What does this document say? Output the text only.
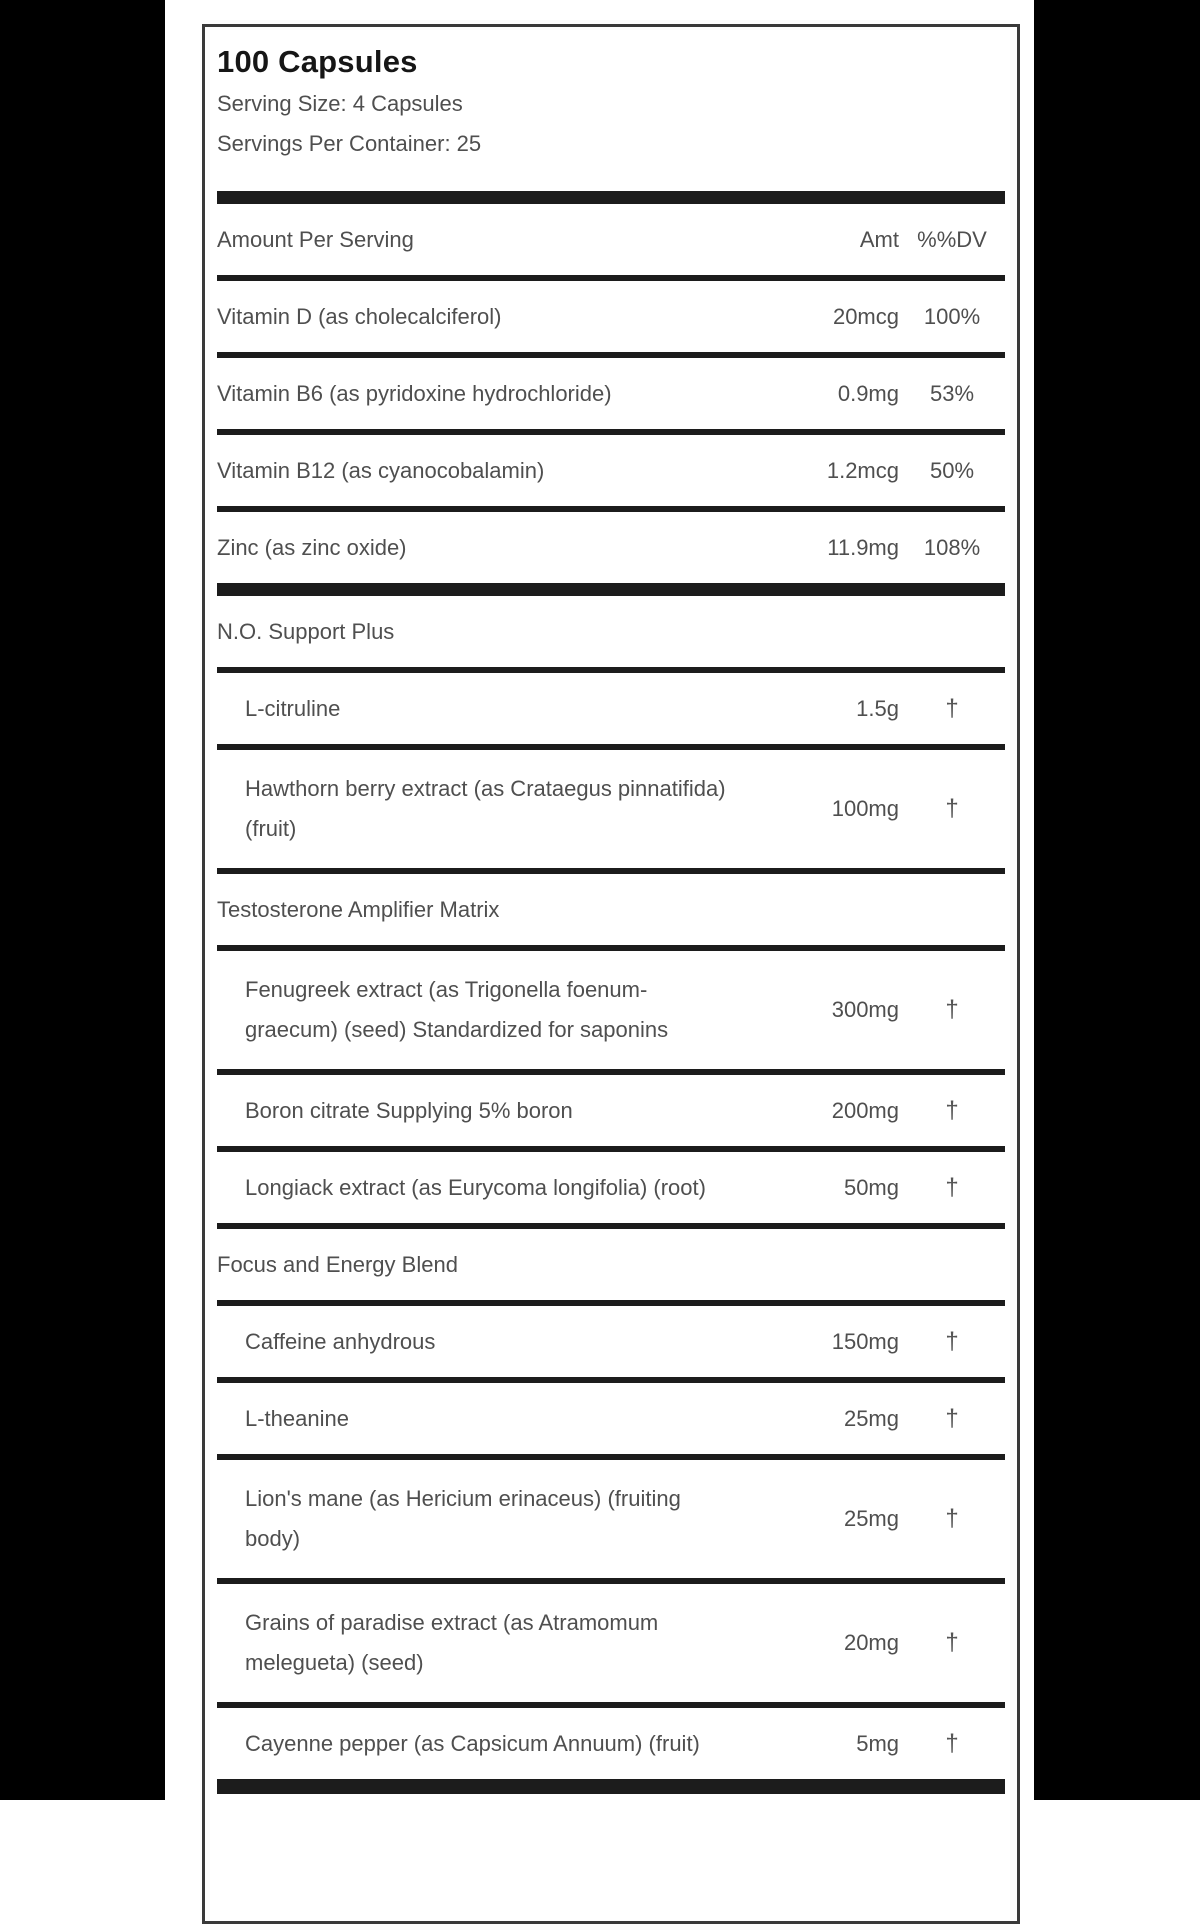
100 Capsules
Serving Size: 4 Capsules
Servings Per Container: 25
Amount Per Serving	Amt %%DV
Vitamin D (as cholecalciferol)	20mcg	100%
Vitamin B6 (as pyridoxine hydrochloride)	0.9mg	53%
Vitamin B12 (as cyanocobalamin)	1.2mcg	50%
Zinc (as zinc oxide)	11.9mg	108%
N.O. Support Plus
L-citruline	1.5g	†
Hawthorn berry extract (as Crataegus pinnatifida)
(fruit)
100mg	†
Testosterone Amplifier Matrix
Fenugreek extract (as Trigonella foenum-
graecum) (seed) Standardized for saponins
300mg	†
Boron citrate Supplying 5% boron	200mg	†
Longiack extract (as Eurycoma longifolia) (root)	50mg	†
Focus and Energy Blend
Caffeine anhydrous	150mg	†
L-theanine	25mg	†
Lion's mane (as Hericium erinaceus) (fruiting
body)
25mg	†
Grains of paradise extract (as Atramomum
melegueta) (seed)
20mg	†
Cayenne pepper (as Capsicum Annuum) (fruit)	5mg	†
